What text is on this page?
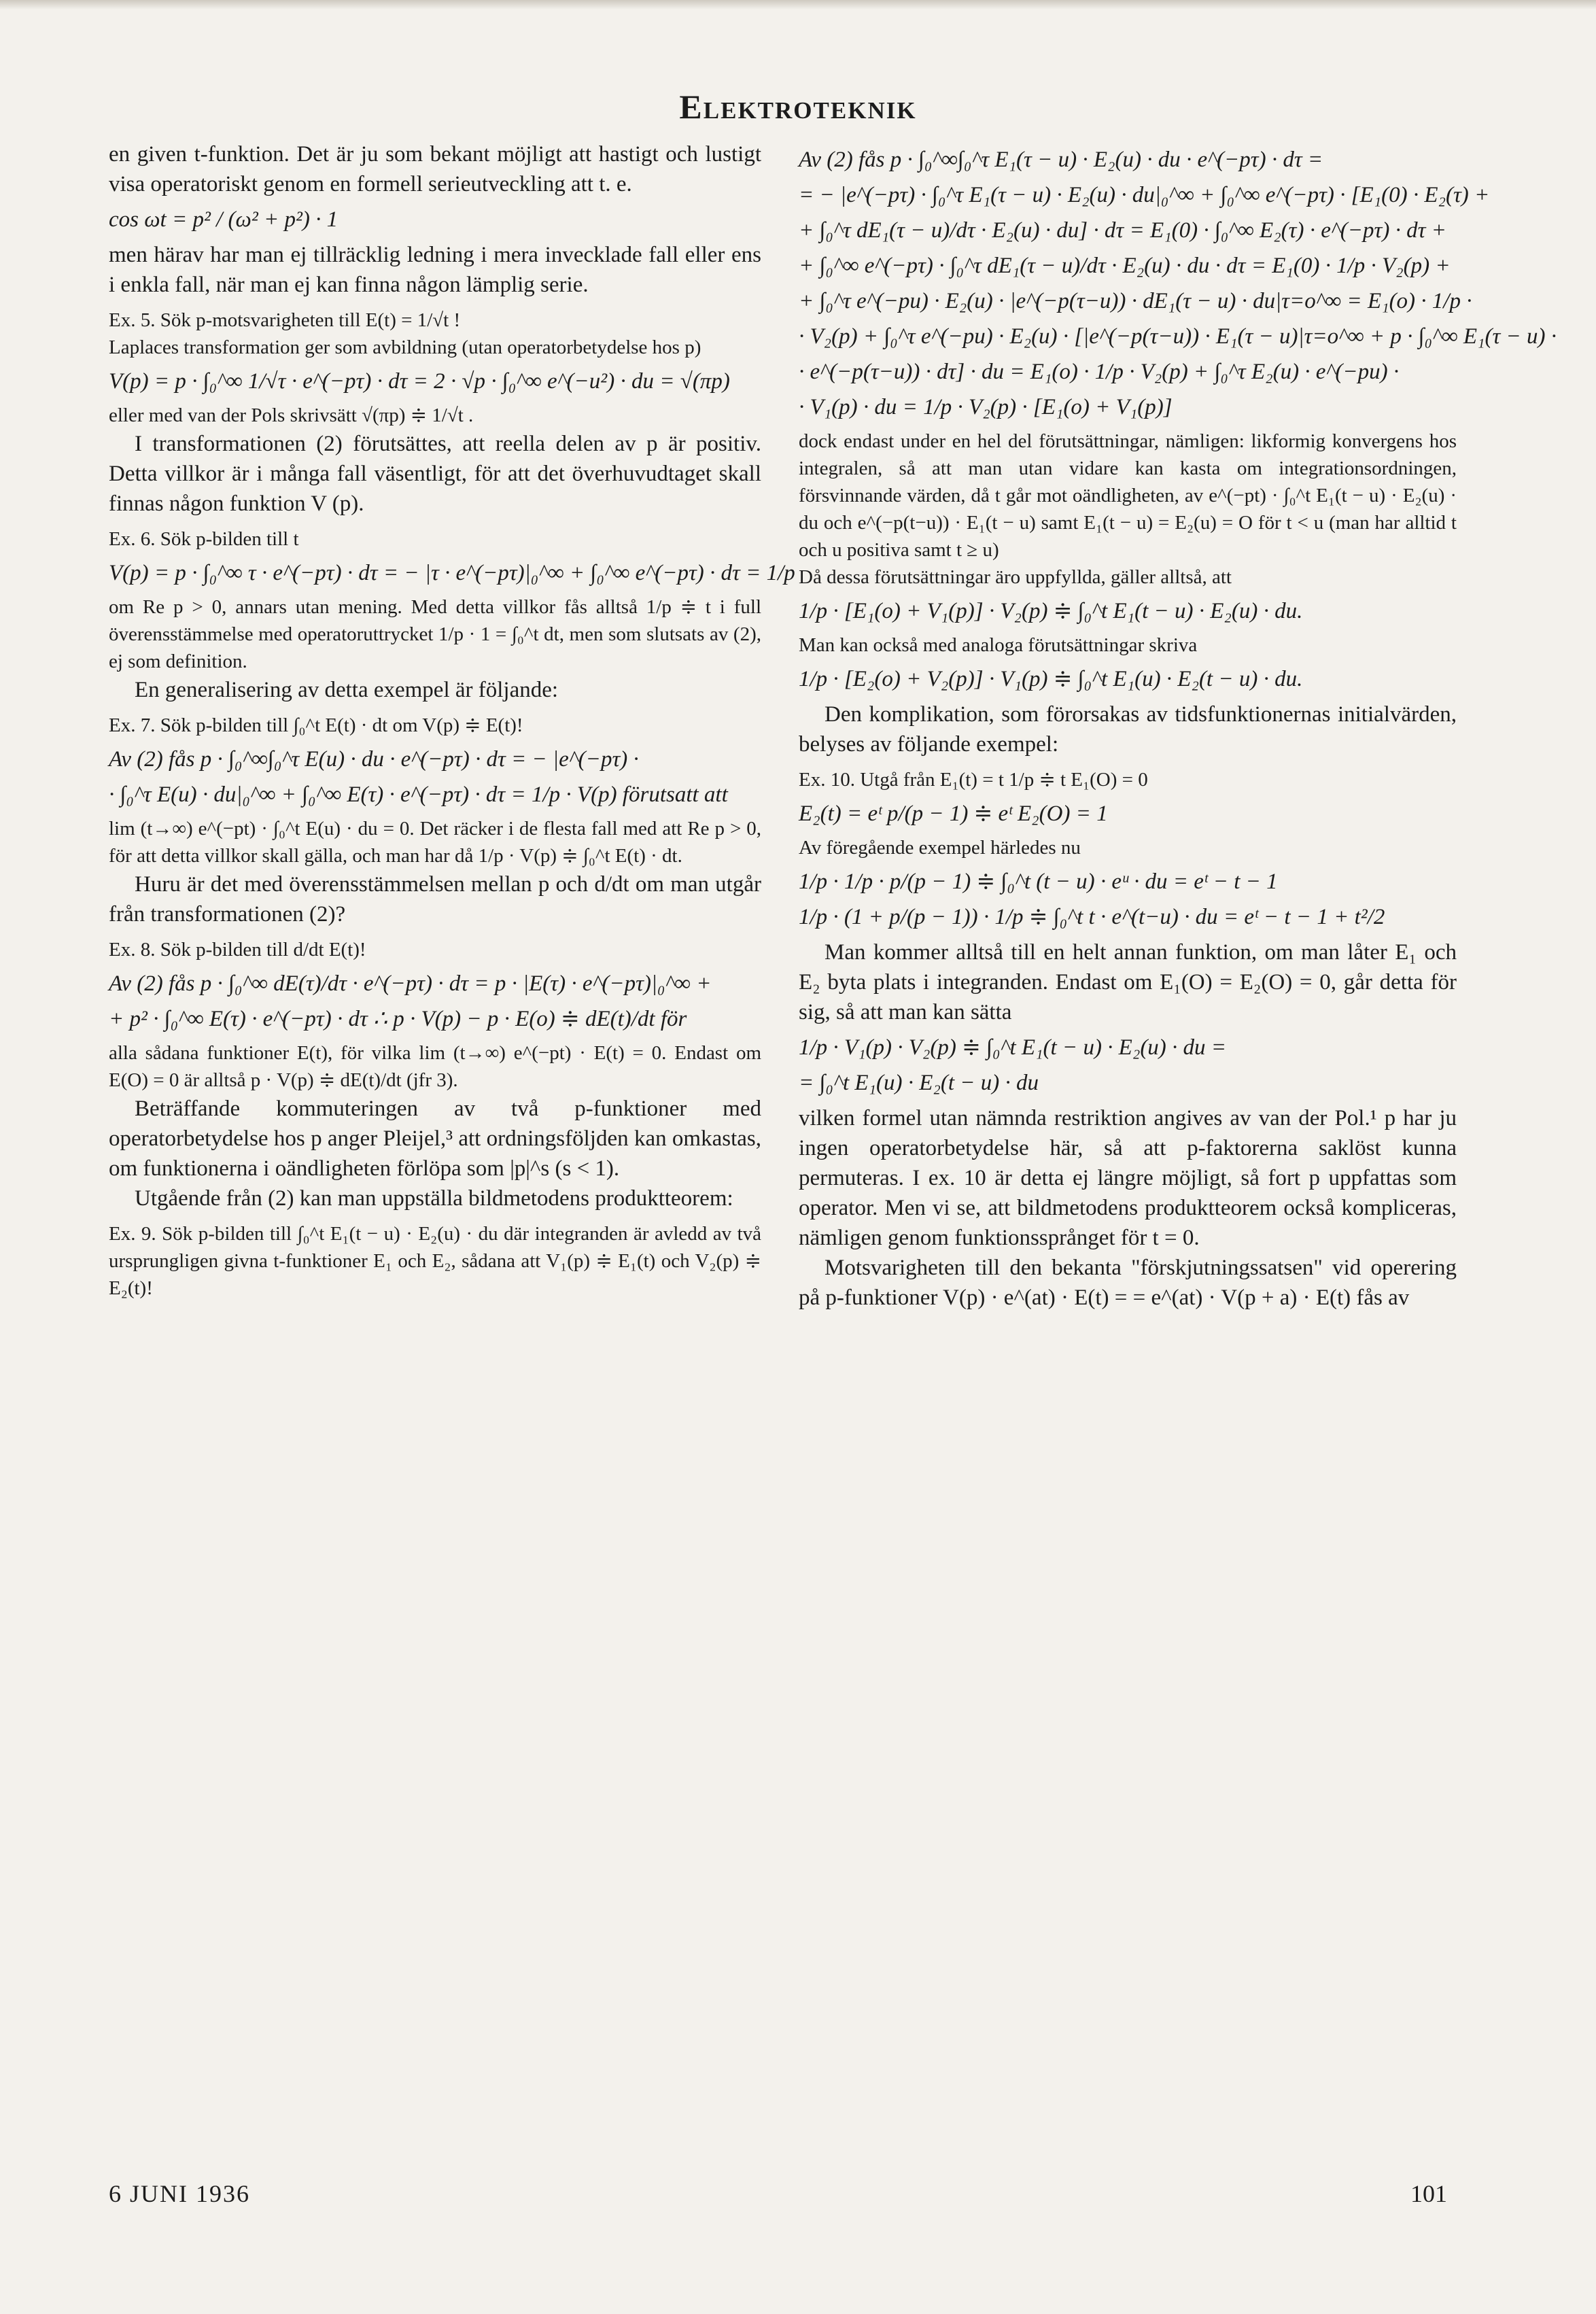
Elektroteknik

en given t-funktion. Det är ju som bekant möjligt att hastigt och lustigt visa operatoriskt genom en formell serieutveckling att t. e.

cos ωt = p² / (ω² + p²) · 1

men härav har man ej tillräcklig ledning i mera invecklade fall eller ens i enkla fall, när man ej kan finna någon lämplig serie.

Ex. 5. Sök p-motsvarigheten till E(t) = 1/√t !

Laplaces transformation ger som avbildning (utan operatorbetydelse hos p)

V(p) = p · ∫₀^∞ 1/√τ · e^(−pτ) · dτ = 2 · √p · ∫₀^∞ e^(−u²) · du = √(πp)

eller med van der Pols skrivsätt √(πp) ≑ 1/√t .

I transformationen (2) förutsättes, att reella delen av p är positiv. Detta villkor är i många fall väsentligt, för att det överhuvudtaget skall finnas någon funktion V (p).

Ex. 6. Sök p-bilden till t

V(p) = p · ∫₀^∞ τ · e^(−pτ) · dτ = − |τ · e^(−pτ)|₀^∞ + ∫₀^∞ e^(−pτ) · dτ = 1/p

om Re p > 0, annars utan mening. Med detta villkor fås alltså 1/p ≑ t i full överensstämmelse med operatoruttrycket 1/p · 1 = ∫₀^t dt, men som slutsats av (2), ej som definition.

En generalisering av detta exempel är följande:

Ex. 7. Sök p-bilden till ∫₀^t E(t) · dt om V(p) ≑ E(t)!

Av (2) fås p · ∫₀^∞∫₀^τ E(u) · du · e^(−pτ) · dτ = − |e^(−pτ) ·
· ∫₀^τ E(u) · du|₀^∞ + ∫₀^∞ E(τ) · e^(−pτ) · dτ = 1/p · V(p) förutsatt att

lim (t→∞) e^(−pt) · ∫₀^t E(u) · du = 0. Det räcker i de flesta fall med att Re p > 0, för att detta villkor skall gälla, och man har då 1/p · V(p) ≑ ∫₀^t E(t) · dt.

Huru är det med överensstämmelsen mellan p och d/dt om man utgår från transformationen (2)?

Ex. 8. Sök p-bilden till d/dt E(t)!

Av (2) fås p · ∫₀^∞ dE(τ)/dτ · e^(−pτ) · dτ = p · |E(τ) · e^(−pτ)|₀^∞ +
+ p² · ∫₀^∞ E(τ) · e^(−pτ) · dτ ∴ p · V(p) − p · E(o) ≑ dE(t)/dt för

alla sådana funktioner E(t), för vilka lim (t→∞) e^(−pt) · E(t) = 0. Endast om E(O) = 0 är alltså p · V(p) ≑ dE(t)/dt (jfr 3).

Beträffande kommuteringen av två p-funktioner med operatorbetydelse hos p anger Pleijel,³ att ordningsföljden kan omkastas, om funktionerna i oändligheten förlöpa som |p|^s (s < 1).

Utgående från (2) kan man uppställa bildmetodens produktteorem:

Ex. 9. Sök p-bilden till ∫₀^t E₁(t − u) · E₂(u) · du där integranden är avledd av två ursprungligen givna t-funktioner E₁ och E₂, sådana att V₁(p) ≑ E₁(t) och V₂(p) ≑ E₂(t)!

Av (2) fås p · ∫₀^∞∫₀^τ E₁(τ − u) · E₂(u) · du · e^(−pτ) · dτ =
= − |e^(−pτ) · ∫₀^τ E₁(τ − u) · E₂(u) · du|₀^∞ + ∫₀^∞ e^(−pτ) · [E₁(0) · E₂(τ) +
+ ∫₀^τ dE₁(τ − u)/dτ · E₂(u) · du] · dτ = E₁(0) · ∫₀^∞ E₂(τ) · e^(−pτ) · dτ +
+ ∫₀^∞ e^(−pτ) · ∫₀^τ dE₁(τ − u)/dτ · E₂(u) · du · dτ = E₁(0) · 1/p · V₂(p) +
+ ∫₀^τ e^(−pu) · E₂(u) · |e^(−p(τ−u)) · dE₁(τ − u) · du|τ=o^∞ = E₁(o) · 1/p ·
· V₂(p) + ∫₀^τ e^(−pu) · E₂(u) · [|e^(−p(τ−u)) · E₁(τ − u)|τ=o^∞ + p · ∫₀^∞ E₁(τ − u) ·
· e^(−p(τ−u)) · dτ] · du = E₁(o) · 1/p · V₂(p) + ∫₀^τ E₂(u) · e^(−pu) ·
· V₁(p) · du = 1/p · V₂(p) · [E₁(o) + V₁(p)]

dock endast under en hel del förutsättningar, nämligen: likformig konvergens hos integralen, så att man utan vidare kan kasta om integrationsordningen, försvinnande värden, då t går mot oändligheten, av e^(−pt) · ∫₀^t E₁(t − u) · E₂(u) · du och e^(−p(t−u)) · E₁(t − u) samt E₁(t − u) = E₂(u) = O för t < u (man har alltid t och u positiva samt t ≥ u)

Då dessa förutsättningar äro uppfyllda, gäller alltså, att

1/p · [E₁(o) + V₁(p)] · V₂(p) ≑ ∫₀^t E₁(t − u) · E₂(u) · du.

Man kan också med analoga förutsättningar skriva

1/p · [E₂(o) + V₂(p)] · V₁(p) ≑ ∫₀^t E₁(u) · E₂(t − u) · du.

Den komplikation, som förorsakas av tidsfunktionernas initialvärden, belyses av följande exempel:

Ex. 10. Utgå från E₁(t) = t 1/p ≑ t E₁(O) = 0

E₂(t) = eᵗ p/(p − 1) ≑ eᵗ E₂(O) = 1

Av föregående exempel härledes nu

1/p · 1/p · p/(p − 1) ≑ ∫₀^t (t − u) · eᵘ · du = eᵗ − t − 1
1/p · (1 + p/(p − 1)) · 1/p ≑ ∫₀^t t · e^(t−u) · du = eᵗ − t − 1 + t²/2

Man kommer alltså till en helt annan funktion, om man låter E₁ och E₂ byta plats i integranden. Endast om E₁(O) = E₂(O) = 0, går detta för sig, så att man kan sätta

1/p · V₁(p) · V₂(p) ≑ ∫₀^t E₁(t − u) · E₂(u) · du =
= ∫₀^t E₁(u) · E₂(t − u) · du

vilken formel utan nämnda restriktion angives av van der Pol.¹ p har ju ingen operatorbetydelse här, så att p-faktorerna saklöst kunna permuteras. I ex. 10 är detta ej längre möjligt, så fort p uppfattas som operator. Men vi se, att bildmetodens produktteorem också kompliceras, nämligen genom funktionssprånget för t = 0.

Motsvarigheten till den bekanta "förskjutningssatsen" vid operering på p-funktioner V(p) · e^(at) · E(t) = = e^(at) · V(p + a) · E(t) fås av

6 JUNI 1936	101
